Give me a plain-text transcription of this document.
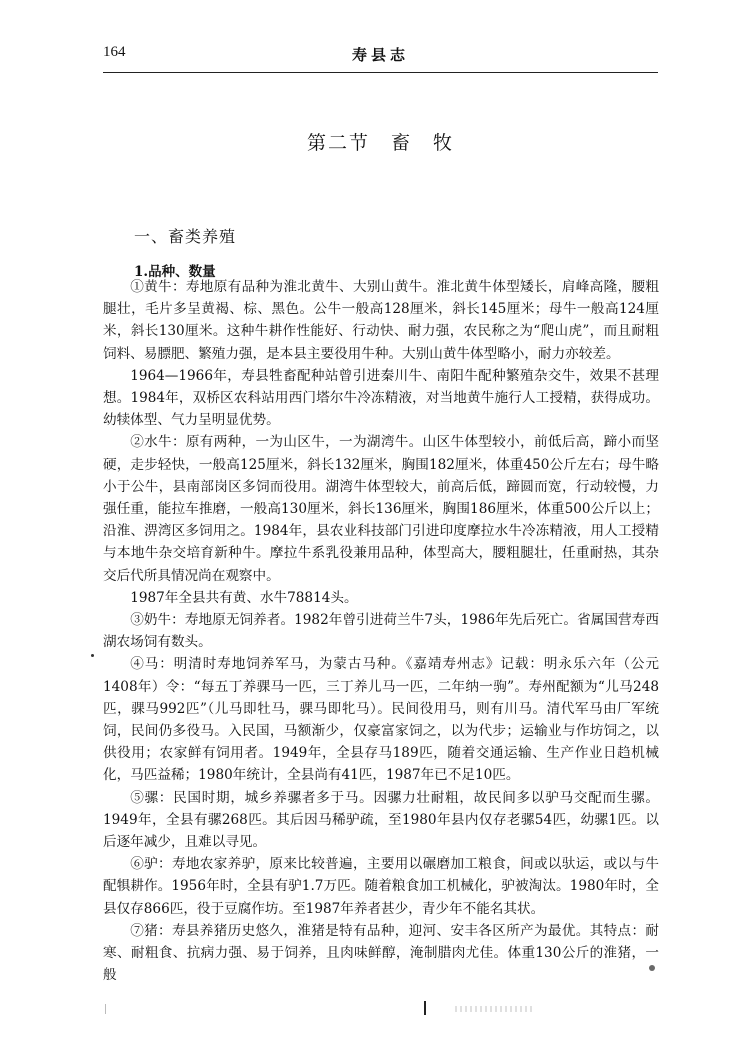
164	寿县志
第二节　畜　牧
一、畜类养殖
1.品种、数量

①黄牛：寿地原有品种为淮北黄牛、大别山黄牛。淮北黄牛体型矮长，肩峰高隆，腰粗腿壮，毛片多呈黄褐、棕、黑色。公牛一般高128厘米，斜长145厘米；母牛一般高124厘米，斜长130厘米。这种牛耕作性能好、行动快、耐力强，农民称之为“爬山虎”，而且耐粗饲料、易膘肥、繁殖力强，是本县主要役用牛种。大别山黄牛体型略小，耐力亦较差。

1964—1966年，寿县牲畜配种站曾引进秦川牛、南阳牛配种繁殖杂交牛，效果不甚理想。1984年，双桥区农科站用西门塔尔牛冷冻精液，对当地黄牛施行人工授精，获得成功。幼犊体型、气力呈明显优势。

②水牛：原有两种，一为山区牛，一为湖湾牛。山区牛体型较小，前低后高，蹄小而坚硬，走步轻快，一般高125厘米，斜长132厘米，胸围182厘米，体重450公斤左右；母牛略小于公牛，县南部岗区多饲而役用。湖湾牛体型较大，前高后低，蹄圆而宽，行动较慢，力强任重，能拉车推磨，一般高130厘米，斜长136厘米，胸围186厘米，体重500公斤以上；沿淮、淠湾区多饲用之。1984年，县农业科技部门引进印度摩拉水牛冷冻精液，用人工授精与本地牛杂交培育新种牛。摩拉牛系乳役兼用品种，体型高大，腰粗腿壮，任重耐热，其杂交后代所具情况尚在观察中。

1987年全县共有黄、水牛78814头。

③奶牛：寿地原无饲养者。1982年曾引进荷兰牛7头，1986年先后死亡。省属国营寿西湖农场饲有数头。

④马：明清时寿地饲养军马，为蒙古马种。《嘉靖寿州志》记载：明永乐六年（公元1408年）令：“每五丁养骒马一匹，三丁养儿马一匹，二年纳一驹”。寿州配额为“儿马248匹，骒马992匹”（儿马即牡马，骒马即牝马）。民间役用马，则有川马。清代军马由厂军统饲，民间仍多役马。入民国，马额渐少，仅豪富家饲之，以为代步；运输业与作坊饲之，以供役用；农家鲜有饲用者。1949年，全县存马189匹，随着交通运输、生产作业日趋机械化，马匹益稀；1980年统计，全县尚有41匹，1987年已不足10匹。

⑤骡：民国时期，城乡养骡者多于马。因骡力壮耐粗，故民间多以驴马交配而生骡。1949年，全县有骡268匹。其后因马稀驴疏，至1980年县内仅存老骡54匹，幼骡1匹。以后逐年减少，且难以寻见。

⑥驴：寿地农家养驴，原来比较普遍，主要用以碾磨加工粮食，间或以驮运，或以与牛配犋耕作。1956年时，全县有驴1.7万匹。随着粮食加工机械化，驴被淘汰。1980年时，全县仅存866匹，役于豆腐作坊。至1987年养者甚少，青少年不能名其状。

⑦猪：寿县养猪历史悠久，淮猪是特有品种，迎河、安丰各区所产为最优。其特点：耐寒、耐粗食、抗病力强、易于饲养，且肉味鲜醇，淹制腊肉尤佳。体重130公斤的淮猪，一般
